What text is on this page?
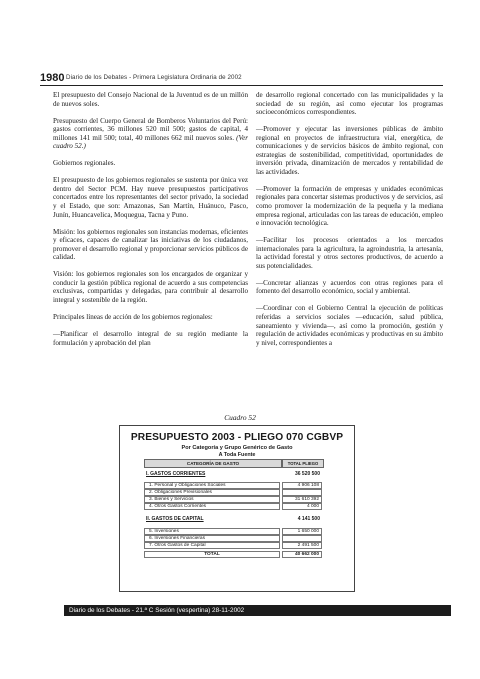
1980 Diario de los Debates - Primera Legislatura Ordinaria de 2002

El presupuesto del Consejo Nacional de la Juventud es de un millón de nuevos soles.

Presupuesto del Cuerpo General de Bomberos Voluntarios del Perú: gastos corrientes, 36 millones 520 mil 500; gastos de capital, 4 millones 141 mil 500; total, 40 millones 662 mil nuevos soles. (Ver cuadro 52.)

Gobiernos regionales.

El presupuesto de los gobiernos regionales se sustenta por única vez dentro del Sector PCM. Hay nueve presupuestos participativos concertados entre los representantes del sector privado, la sociedad y el Estado, que son: Amazonas, San Martín, Huánuco, Pasco, Junín, Huancavelica, Moquegua, Tacna y Puno.

Misión: los gobiernos regionales son instancias modernas, eficientes y eficaces, capaces de canalizar las iniciativas de los ciudadanos, promover el desarrollo regional y proporcionar servicios públicos de calidad.

Visión: los gobiernos regionales son los encargados de organizar y conducir la gestión pública regional de acuerdo a sus competencias exclusivas, compartidas y delegadas, para contribuir al desarrollo integral y sostenible de la región.

Principales líneas de acción de los gobiernos regionales:

—Planificar el desarrollo integral de su región mediante la formulación y aprobación del plan

de desarrollo regional concertado con las municipalidades y la sociedad de su región, así como ejecutar los programas socioeconómicos correspondientes.

—Promover y ejecutar las inversiones públicas de ámbito regional en proyectos de infraestructura vial, energética, de comunicaciones y de servicios básicos de ámbito regional, con estrategias de sostenibilidad, competitividad, oportunidades de inversión privada, dinamización de mercados y rentabilidad de las actividades.

—Promover la formación de empresas y unidades económicas regionales para concertar sistemas productivos y de servicios, así como promover la modernización de la pequeña y la mediana empresa regional, articuladas con las tareas de educación, empleo e innovación tecnológica.

—Facilitar los procesos orientados a los mercados internacionales para la agricultura, la agroindustria, la artesanía, la actividad forestal y otros sectores productivos, de acuerdo a sus potencialidades.

—Concretar alianzas y acuerdos con otras regiones para el fomento del desarrollo económico, social y ambiental.

—Coordinar con el Gobierno Central la ejecución de políticas referidas a servicios sociales —educación, salud pública, saneamiento y vivienda—, así como la promoción, gestión y regulación de actividades económicas y productivas en su ámbito y nivel, correspondientes a

Cuadro 52
PRESUPUESTO 2003 - PLIEGO 070 CGBVP
Por Categoría y Grupo Genérico de Gasto
A Toda Fuente
CATEGORÍA DE GASTO	TOTAL PLIEGO
I. GASTOS CORRIENTES	36 520 500
1. Personal y Obligaciones Sociales	4 906 108
2. Obligaciones Previsionales
3. Bienes y Servicios	31 610 392
4. Otros Gastos Corrientes	4 000
II. GASTOS DE CAPITAL	4 141 500
5. Inversiones	1 650 000
6. Inversiones Financieras
7. Otros Gastos de Capital	2 491 500
TOTAL	40 662 000
Diario de los Debates - 21.ª C Sesión (vespertina) 28-11-2002
